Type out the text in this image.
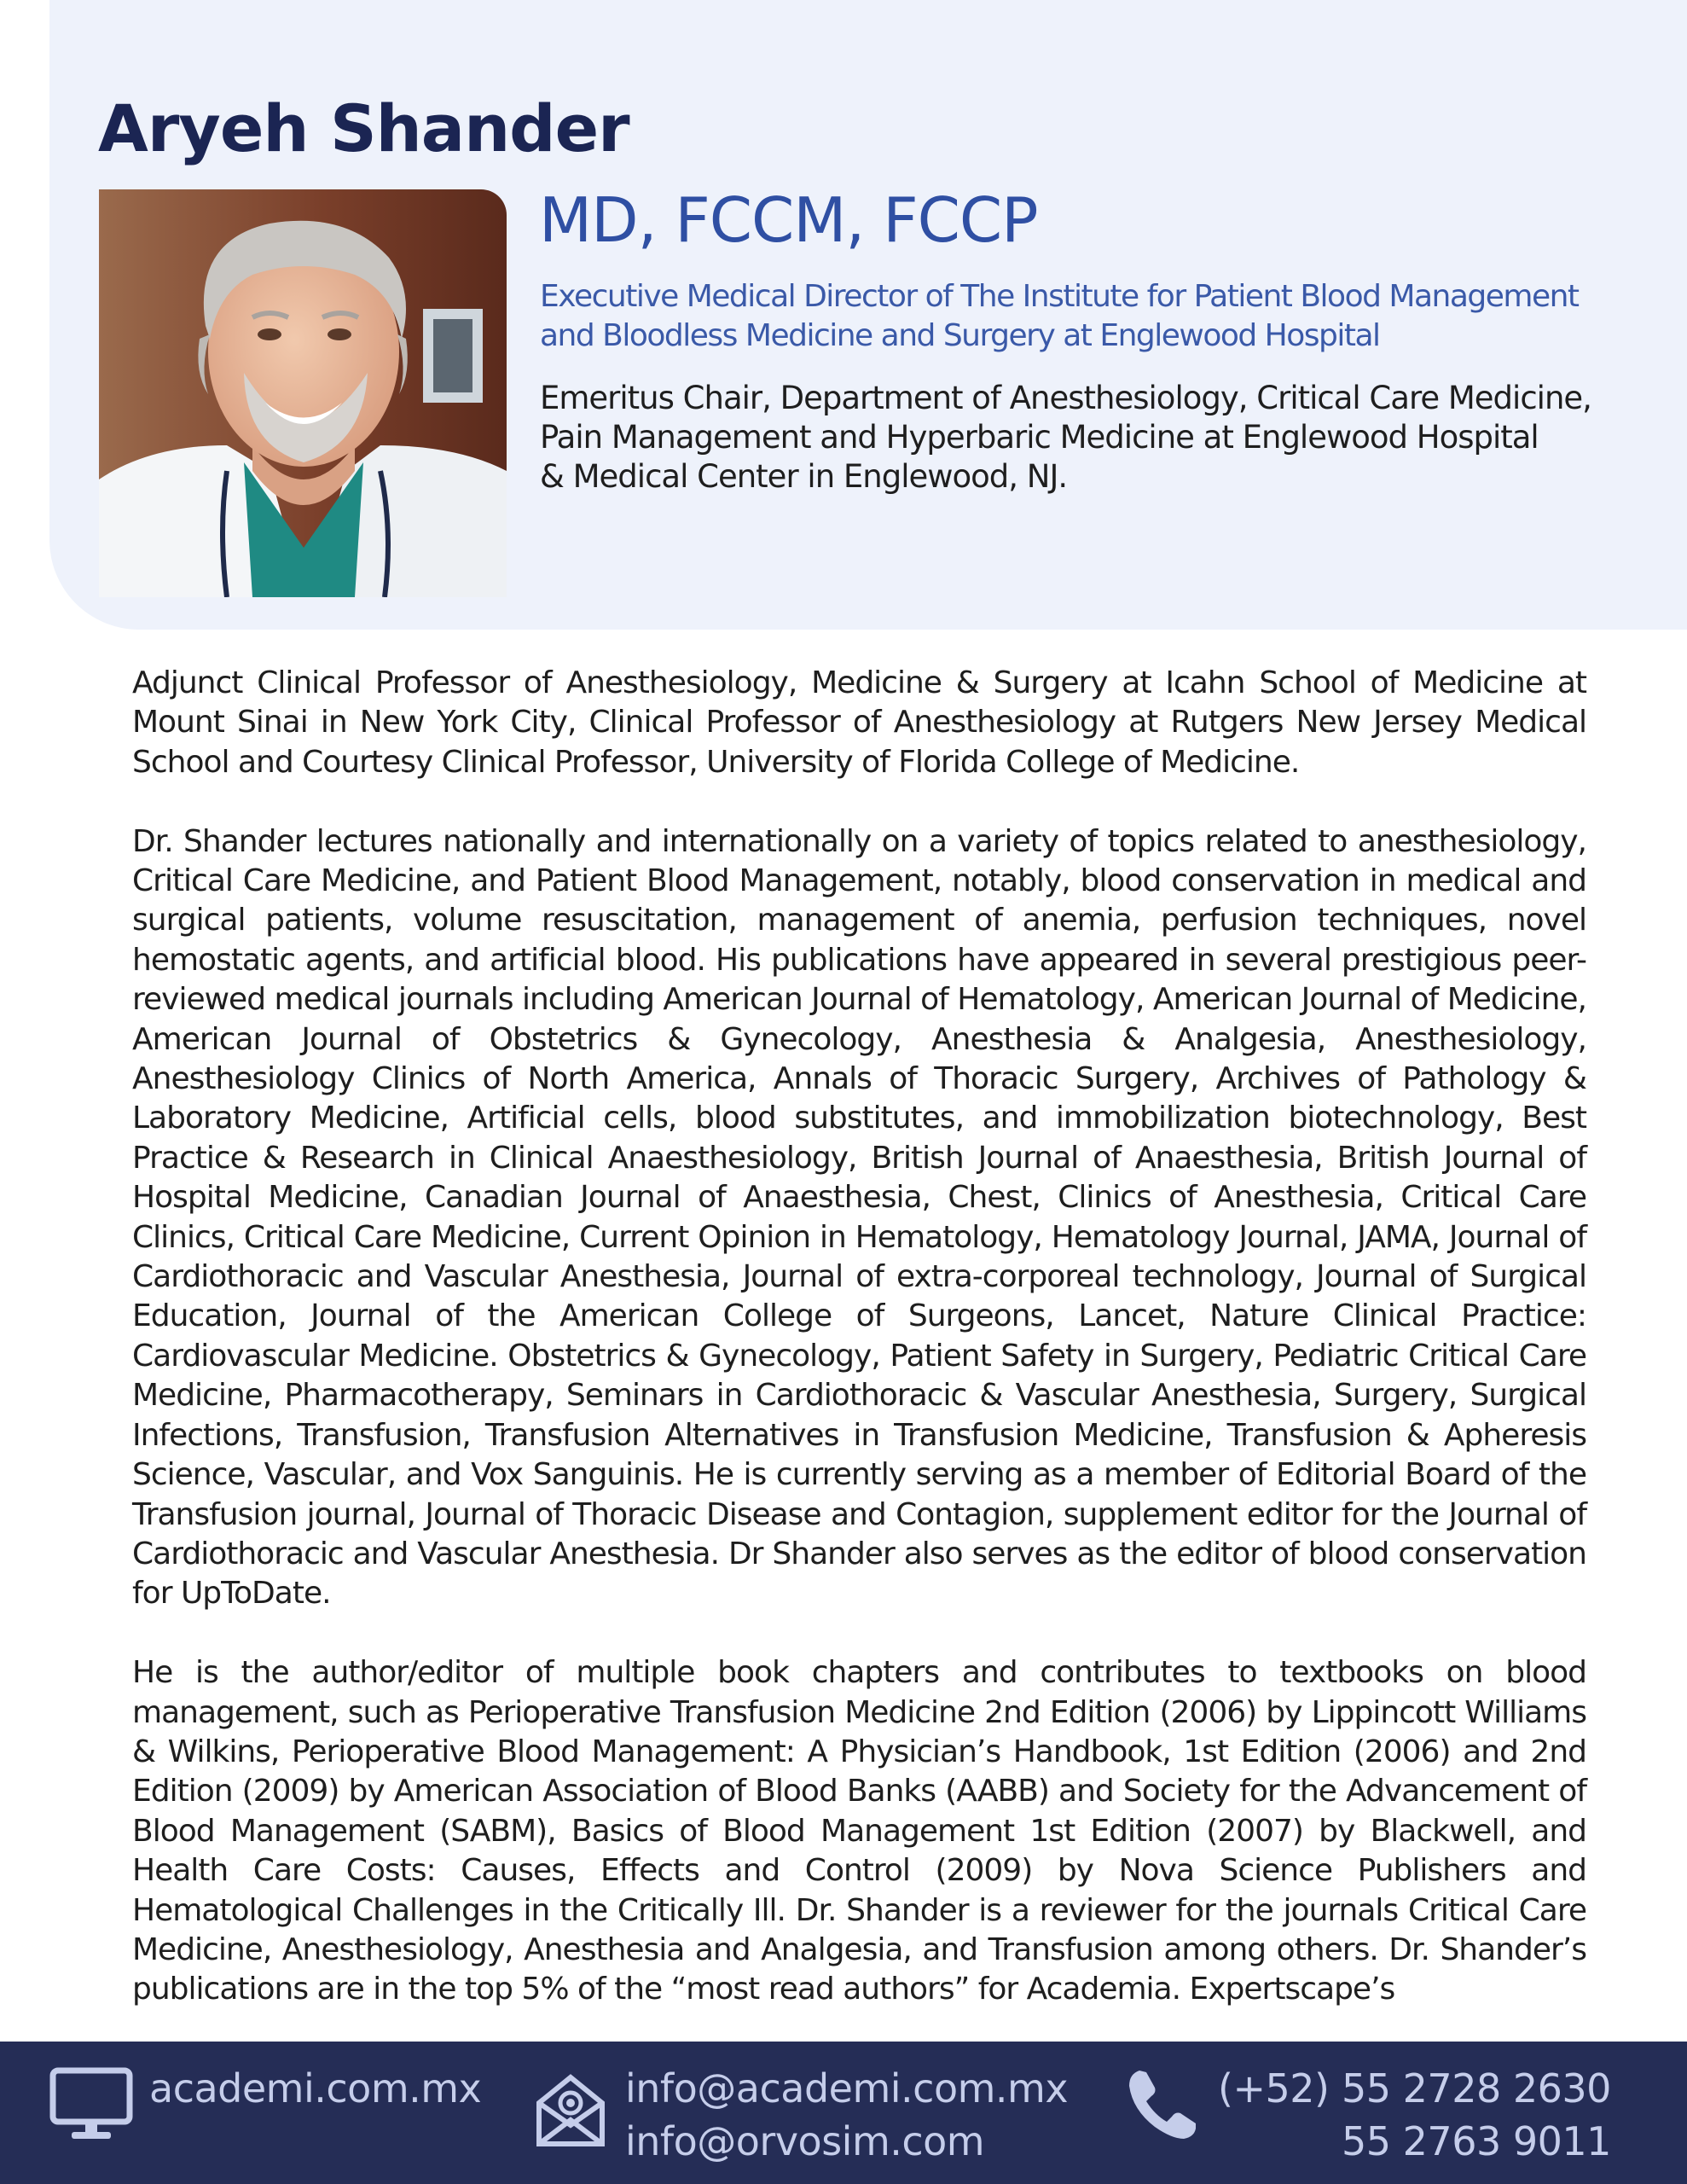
Aryeh Shander
MD, FCCM, FCCP
Executive Medical Director of The Institute for Patient Blood Management
and Bloodless Medicine and Surgery at Englewood Hospital
Emeritus Chair, Department of Anesthesiology, Critical Care Medicine,
Pain Management and Hyperbaric Medicine at Englewood Hospital
& Medical Center in Englewood, NJ.

Adjunct Clinical Professor of Anesthesiology, Medicine & Surgery at Icahn School of Medicine at Mount Sinai in New York City, Clinical Professor of Anesthesiology at Rutgers New Jersey Medical School and Courtesy Clinical Professor, University of Florida College of Medicine.

Dr. Shander lectures nationally and internationally on a variety of topics related to anesthesiology, Critical Care Medicine, and Patient Blood Management, notably, blood conservation in medical and surgical patients, volume resuscitation, management of anemia, perfusion techniques, novel hemostatic agents, and artificial blood. His publications have appeared in several prestigious peer-reviewed medical journals including American Journal of Hematology, American Journal of Medicine, American Journal of Obstetrics & Gynecology, Anesthesia & Analgesia, Anesthesiology, Anesthesiology Clinics of North America, Annals of Thoracic Surgery, Archives of Pathology & Laboratory Medicine, Artificial cells, blood substitutes, and immobilization biotechnology, Best Practice & Research in Clinical Anaesthesiology, British Journal of Anaesthesia, British Journal of Hospital Medicine, Canadian Journal of Anaesthesia, Chest, Clinics of Anesthesia, Critical Care Clinics, Critical Care Medicine, Current Opinion in Hematology, Hematology Journal, JAMA, Journal of Cardiothoracic and Vascular Anesthesia, Journal of extra-corporeal technology, Journal of Surgical Education, Journal of the American College of Surgeons, Lancet, Nature Clinical Practice: Cardiovascular Medicine. Obstetrics & Gynecology, Patient Safety in Surgery, Pediatric Critical Care Medicine, Pharmacotherapy, Seminars in Cardiothoracic & Vascular Anesthesia, Surgery, Surgical Infections, Transfusion, Transfusion Alternatives in Transfusion Medicine, Transfusion & Apheresis Science, Vascular, and Vox Sanguinis. He is currently serving as a member of Editorial Board of the Transfusion journal, Journal of Thoracic Disease and Contagion, supplement editor for the Journal of Cardiothoracic and Vascular Anesthesia. Dr Shander also serves as the editor of blood conservation for UpToDate.

He is the author/editor of multiple book chapters and contributes to textbooks on blood management, such as Perioperative Transfusion Medicine 2nd Edition (2006) by Lippincott Williams & Wilkins, Perioperative Blood Management: A Physician’s Handbook, 1st Edition (2006) and 2nd Edition (2009) by American Association of Blood Banks (AABB) and Society for the Advancement of Blood Management (SABM), Basics of Blood Management 1st Edition (2007) by Blackwell, and Health Care Costs: Causes, Effects and Control (2009) by Nova Science Publishers and Hematological Challenges in the Critically Ill. Dr. Shander is a reviewer for the journals Critical Care Medicine, Anesthesiology, Anesthesia and Analgesia, and Transfusion among others. Dr. Shander’s publications are in the top 5% of the “most read authors” for Academia. Expertscape’s

academi.com.mx	info@academi.com.mx
info@orvosim.com
(+52) 55 2728 2630
55 2763 9011
